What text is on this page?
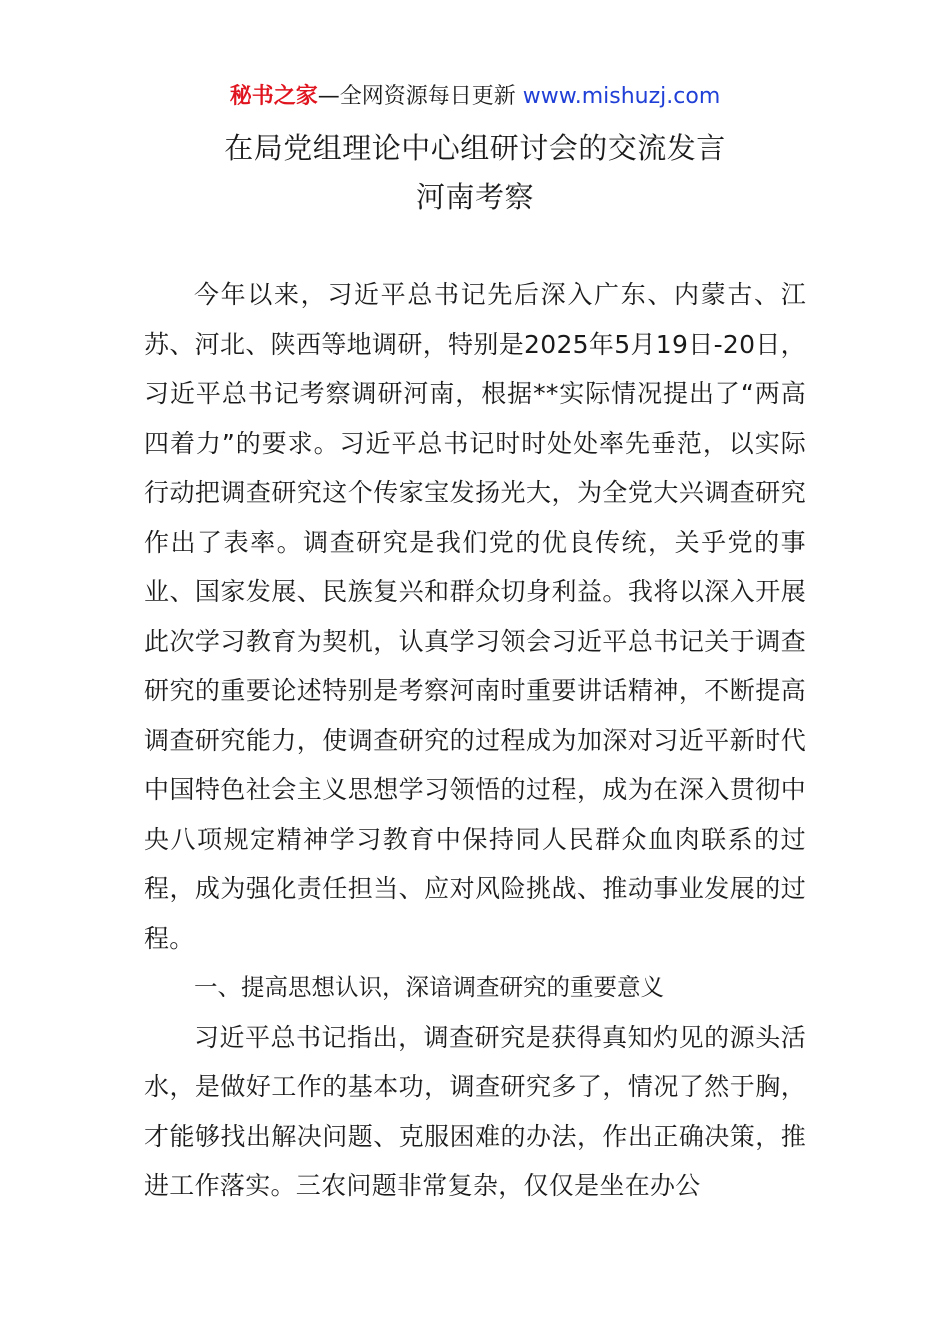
秘书之家—全网资源每日更新 www.mishuzj.com
在局党组理论中心组研讨会的交流发言
河南考察

今年以来，习近平总书记先后深入广东、内蒙古、江苏、河北、陕西等地调研，特别是2025年5月19日-20日，习近平总书记考察调研河南，根据**实际情况提出了“两高四着力”的要求。习近平总书记时时处处率先垂范，以实际行动把调查研究这个传家宝发扬光大，为全党大兴调查研究作出了表率。调查研究是我们党的优良传统，关乎党的事业、国家发展、民族复兴和群众切身利益。我将以深入开展此次学习教育为契机，认真学习领会习近平总书记关于调查研究的重要论述特别是考察河南时重要讲话精神，不断提高调查研究能力，使调查研究的过程成为加深对习近平新时代中国特色社会主义思想学习领悟的过程，成为在深入贯彻中央八项规定精神学习教育中保持同人民群众血肉联系的过程，成为强化责任担当、应对风险挑战、推动事业发展的过程。

一、提高思想认识，深谙调查研究的重要意义

习近平总书记指出，调查研究是获得真知灼见的源头活水，是做好工作的基本功，调查研究多了，情况了然于胸，才能够找出解决问题、克服困难的办法，作出正确决策，推进工作落实。三农问题非常复杂，仅仅是坐在办公
